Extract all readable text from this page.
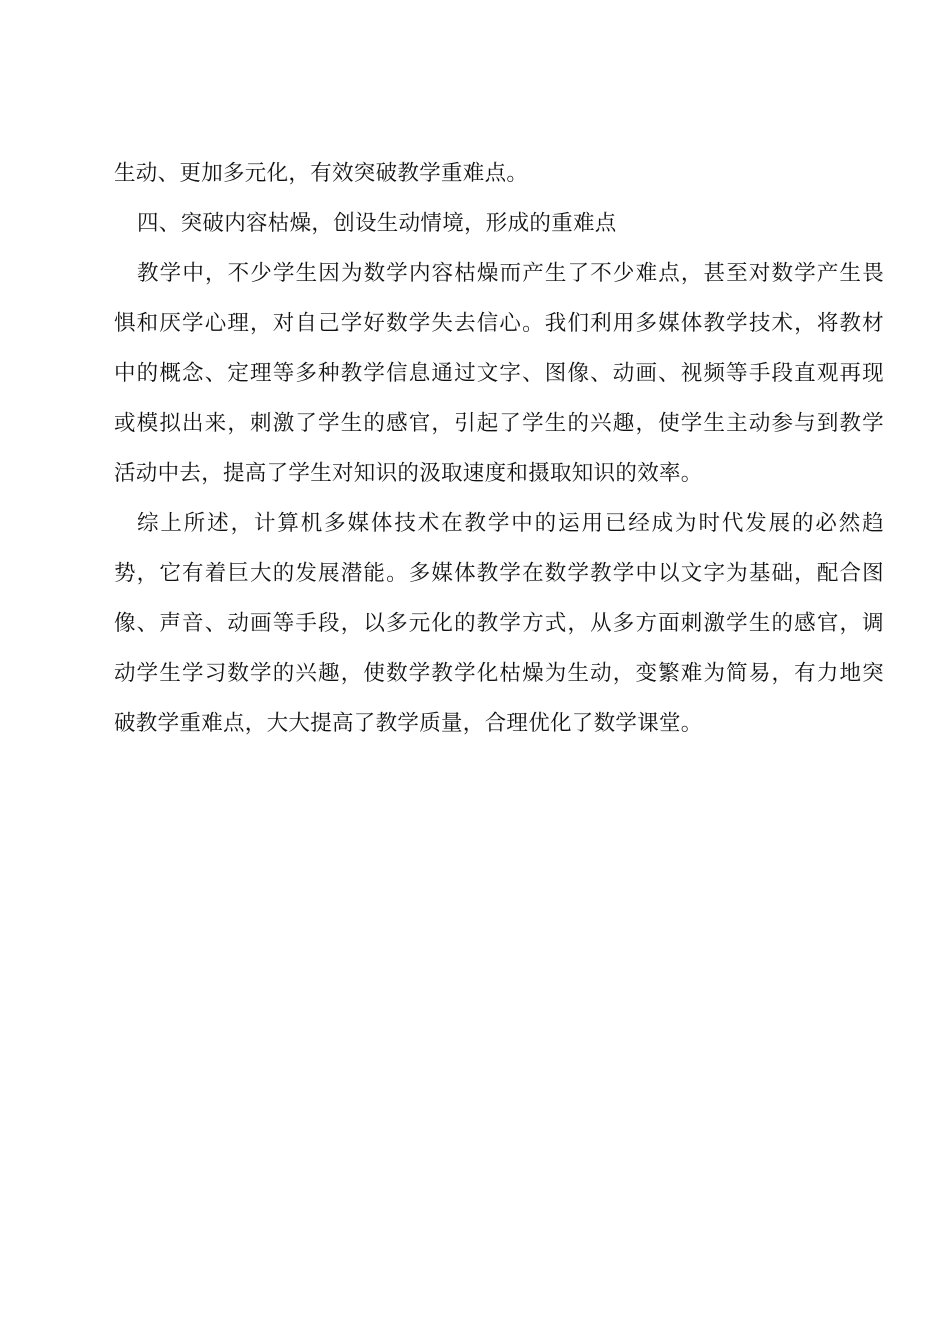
生动、更加多元化，有效突破教学重难点。
四、突破内容枯燥，创设生动情境，形成的重难点
教学中，不少学生因为数学内容枯燥而产生了不少难点，甚至对数学产生畏
惧和厌学心理，对自己学好数学失去信心。我们利用多媒体教学技术，将教材
中的概念、定理等多种教学信息通过文字、图像、动画、视频等手段直观再现
或模拟出来，刺激了学生的感官，引起了学生的兴趣，使学生主动参与到教学
活动中去，提高了学生对知识的汲取速度和摄取知识的效率。
综上所述，计算机多媒体技术在教学中的运用已经成为时代发展的必然趋
势，它有着巨大的发展潜能。多媒体教学在数学教学中以文字为基础，配合图
像、声音、动画等手段，以多元化的教学方式，从多方面刺激学生的感官，调
动学生学习数学的兴趣，使数学教学化枯燥为生动，变繁难为简易，有力地突
破教学重难点，大大提高了教学质量，合理优化了数学课堂。
